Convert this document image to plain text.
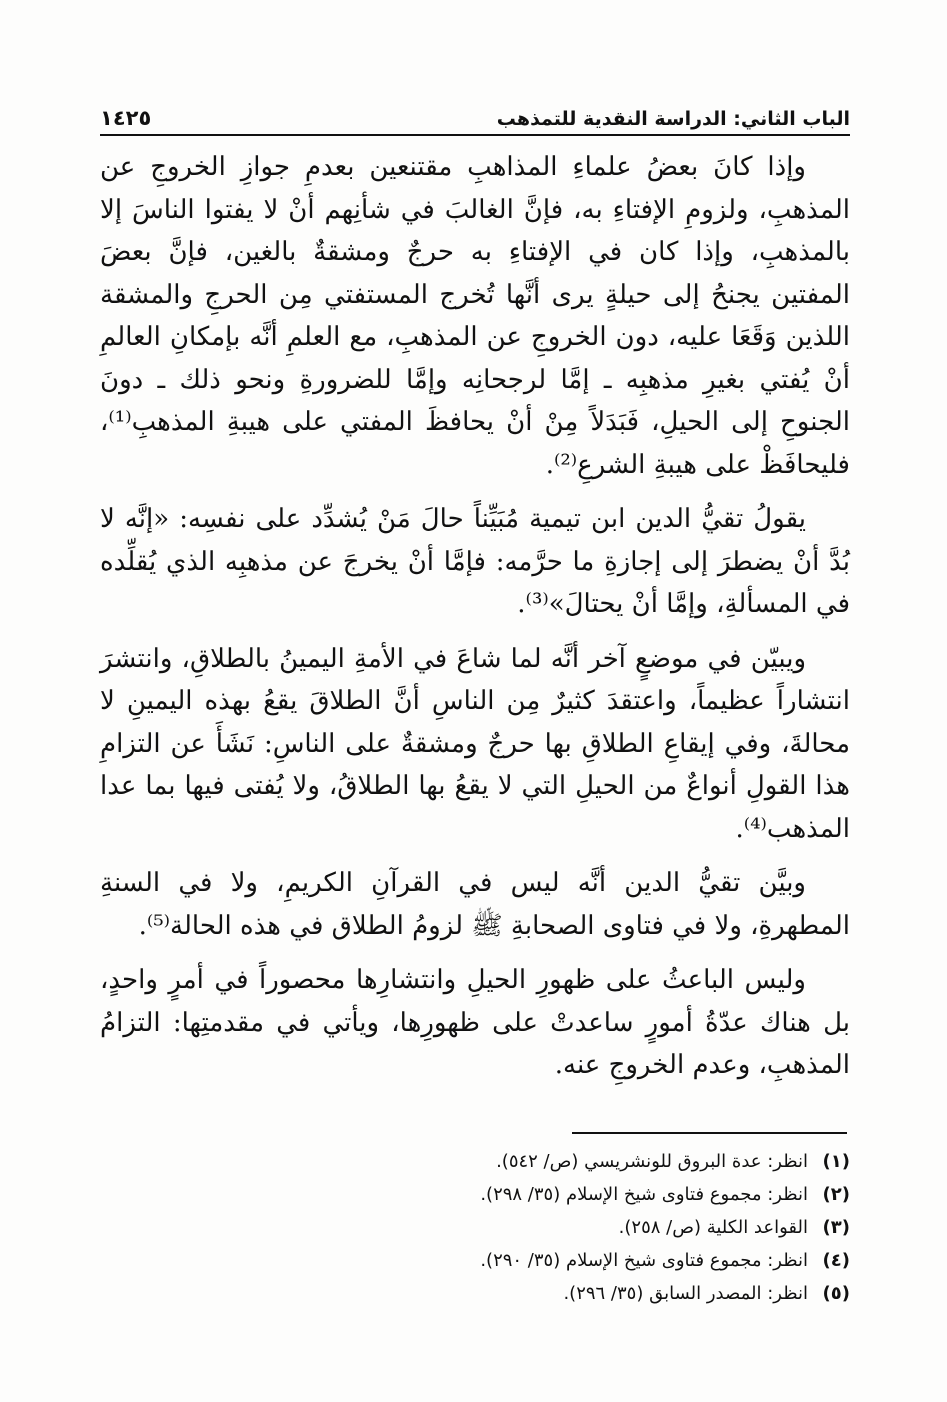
الباب الثاني: الدراسة النقدية للتمذهب
١٤٢٥

وإذا كانَ بعضُ علماءِ المذاهبِ مقتنعين بعدمِ جوازِ الخروجِ عن المذهبِ، ولزومِ الإفتاءِ به، فإنَّ الغالبَ في شأنِهم أنْ لا يفتوا الناسَ إلا بالمذهبِ، وإذا كان في الإفتاءِ به حرجٌ ومشقةٌ بالغين، فإنَّ بعضَ المفتين يجنحُ إلى حيلةٍ يرى أنَّها تُخرج المستفتي مِن الحرجِ والمشقة اللذين وَقَعَا عليه، دون الخروجِ عن المذهبِ، مع العلمِ أنَّه بإمكانِ العالمِ أنْ يُفتي بغيرِ مذهبِه ـ إمَّا لرجحانِه وإمَّا للضرورةِ ونحو ذلك ـ دونَ الجنوحِ إلى الحيلِ، فَبَدَلاً مِنْ أنْ يحافظَ المفتي على هيبةِ المذهبِ⁽¹⁾، فليحافَظْ على هيبةِ الشرعِ⁽²⁾.

يقولُ تقيُّ الدين ابن تيمية مُبَيِّناً حالَ مَنْ يُشدِّد على نفسِه: «إنَّه لا بُدَّ أنْ يضطرَ إلى إجازةِ ما حرَّمه: فإمَّا أنْ يخرجَ عن مذهبِه الذي يُقلِّده في المسألةِ، وإمَّا أنْ يحتالَ»⁽³⁾.

ويبيّن في موضعٍ آخر أنَّه لما شاعَ في الأمةِ اليمينُ بالطلاقِ، وانتشرَ انتشاراً عظيماً، واعتقدَ كثيرٌ مِن الناسِ أنَّ الطلاقَ يقعُ بهذه اليمينِ لا محالةَ، وفي إيقاعِ الطلاقِ بها حرجٌ ومشقةٌ على الناسِ: نَشَأَ عن التزامِ هذا القولِ أنواعٌ من الحيلِ التي لا يقعُ بها الطلاقُ، ولا يُفتى فيها بما عدا المذهب⁽⁴⁾.

وبيَّن تقيُّ الدين أنَّه ليس في القرآنِ الكريمِ، ولا في السنةِ المطهرةِ، ولا في فتاوى الصحابةِ ﷺ لزومُ الطلاق في هذه الحالة⁽⁵⁾.

وليس الباعثُ على ظهورِ الحيلِ وانتشارِها محصوراً في أمرٍ واحدٍ، بل هناك عدّةُ أمورٍ ساعدتْ على ظهورِها، ويأتي في مقدمتِها: التزامُ المذهبِ، وعدم الخروجِ عنه.

(١)
انظر: عدة البروق للونشريسي (ص/ ٥٤٢).
(٢)
انظر: مجموع فتاوى شيخ الإسلام (٣٥/ ٢٩٨).
(٣)
القواعد الكلية (ص/ ٢٥٨).
(٤)
انظر: مجموع فتاوى شيخ الإسلام (٣٥/ ٢٩٠).
(٥)
انظر: المصدر السابق (٣٥/ ٢٩٦).
